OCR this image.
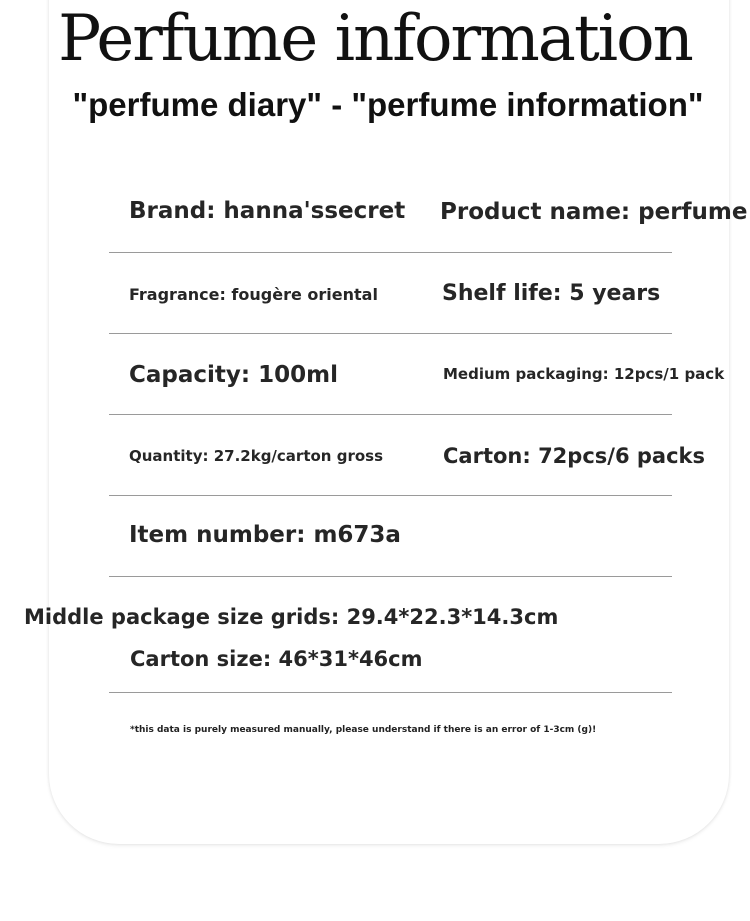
Perfume information
"perfume diary" - "perfume information"
Brand: hanna'ssecret Product name: perfume
Fragrance: fougère oriental	Shelf life: 5 years
Capacity: 100ml	Medium packaging: 12pcs/1 pack
Quantity: 27.2kg/carton gross	Carton: 72pcs/6 packs
Item number: m673a
Middle package size grids: 29.4*22.3*14.3cm
Carton size: 46*31*46cm
*this data is purely measured manually, please understand if there is an error of 1-3cm (g)!
